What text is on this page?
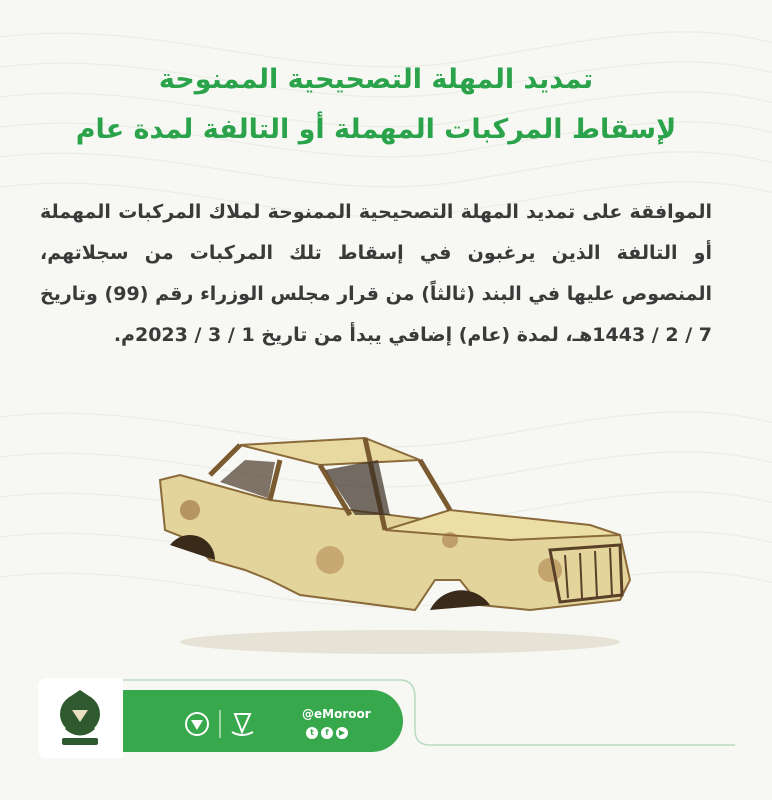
تمديد المهلة التصحيحية الممنوحة
لإسقاط المركبات المهملة أو التالفة لمدة عام
الموافقة على تمديد المهلة التصحيحية الممنوحة لملاك المركبات المهملة أو التالفة الذين يرغبون في إسقاط تلك المركبات من سجلاتهم، المنصوص عليها في البند (ثالثاً) من قرار مجلس الوزراء رقم (99) وتاريخ 7 / 2 / 1443هـ، لمدة (عام) إضافي يبدأ من تاريخ 1 / 3 / 2023م.
@eMoroor
t	f	▶
